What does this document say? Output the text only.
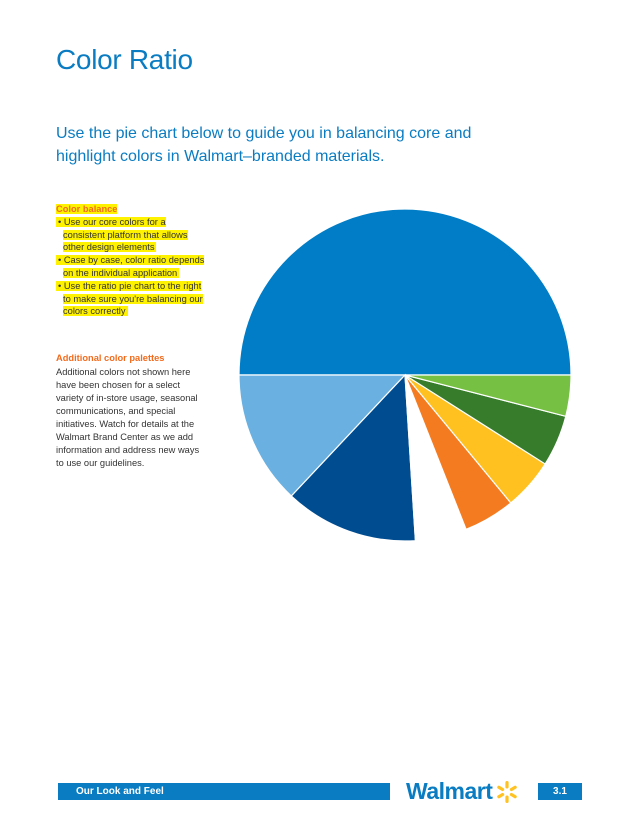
Color Ratio
Use the pie chart below to guide you in balancing core and highlight colors in Walmart–branded materials.
Color balance
• Use our core colors for a consistent platform that allows other design elements
• Case by case, color ratio depends on the individual application
• Use the ratio pie chart to the right to make sure you're balancing our colors correctly
Additional color palettes
Additional colors not shown here have been chosen for a select variety of in-store usage, seasonal communications, and special initiatives. Watch for details at the Walmart Brand Center as we add information and address new ways to use our guidelines.
Our Look and Feel	Walmart	3.1
